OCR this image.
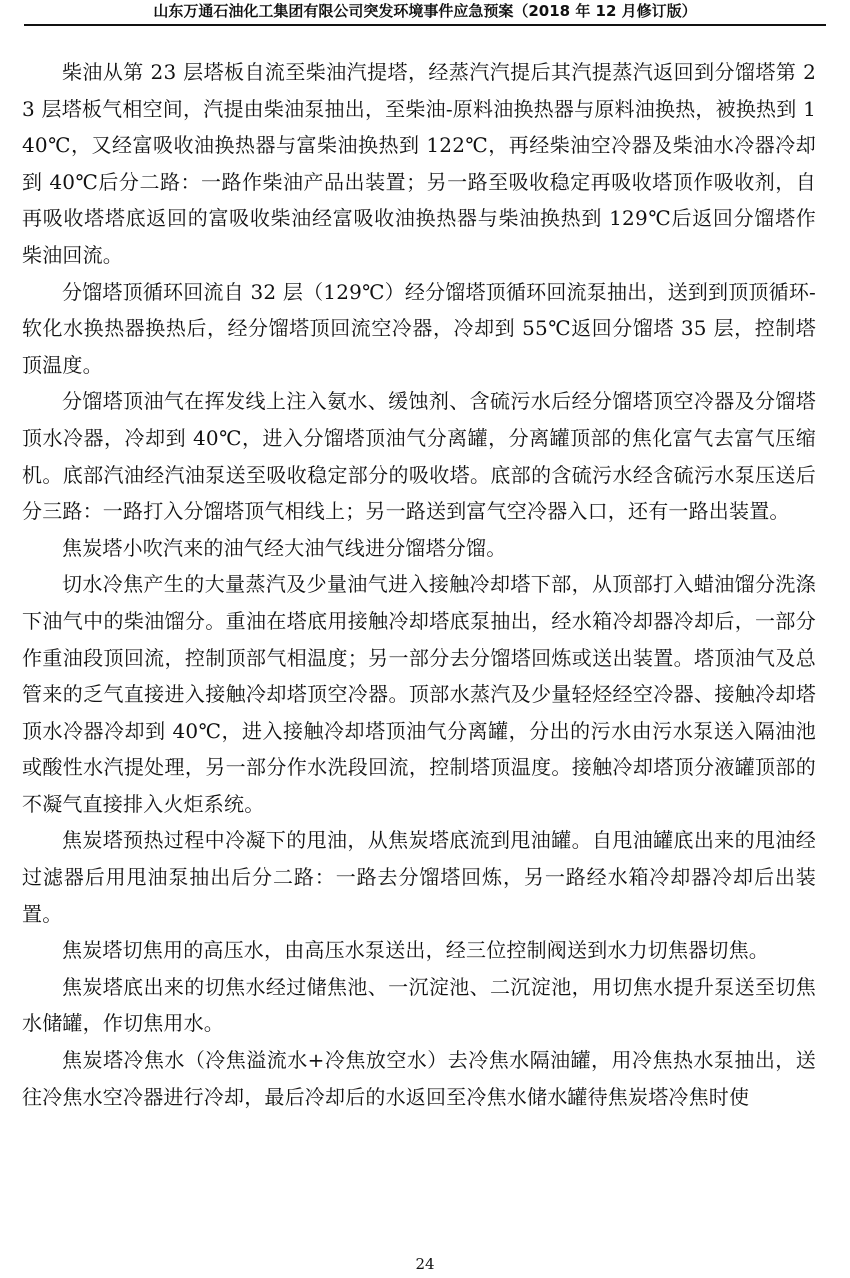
山东万通石油化工集团有限公司突发环境事件应急预案（2018 年 12 月修订版）

柴油从第 23 层塔板自流至柴油汽提塔，经蒸汽汽提后其汽提蒸汽返回到分馏塔第 23 层塔板气相空间，汽提由柴油泵抽出，至柴油-原料油换热器与原料油换热，被换热到 140℃，又经富吸收油换热器与富柴油换热到 122℃，再经柴油空冷器及柴油水冷器冷却到 40℃后分二路：一路作柴油产品出装置；另一路至吸收稳定再吸收塔顶作吸收剂，自再吸收塔塔底返回的富吸收柴油经富吸收油换热器与柴油换热到 129℃后返回分馏塔作柴油回流。

分馏塔顶循环回流自 32 层（129℃）经分馏塔顶循环回流泵抽出，送到到顶顶循环-软化水换热器换热后，经分馏塔顶回流空冷器，冷却到 55℃返回分馏塔 35 层，控制塔顶温度。

分馏塔顶油气在挥发线上注入氨水、缓蚀剂、含硫污水后经分馏塔顶空冷器及分馏塔顶水冷器，冷却到 40℃，进入分馏塔顶油气分离罐，分离罐顶部的焦化富气去富气压缩机。底部汽油经汽油泵送至吸收稳定部分的吸收塔。底部的含硫污水经含硫污水泵压送后分三路：一路打入分馏塔顶气相线上；另一路送到富气空冷器入口，还有一路出装置。

焦炭塔小吹汽来的油气经大油气线进分馏塔分馏。

切水冷焦产生的大量蒸汽及少量油气进入接触冷却塔下部，从顶部打入蜡油馏分洗涤下油气中的柴油馏分。重油在塔底用接触冷却塔底泵抽出，经水箱冷却器冷却后，一部分作重油段顶回流，控制顶部气相温度；另一部分去分馏塔回炼或送出装置。塔顶油气及总管来的乏气直接进入接触冷却塔顶空冷器。顶部水蒸汽及少量轻烃经空冷器、接触冷却塔顶水冷器冷却到 40℃，进入接触冷却塔顶油气分离罐，分出的污水由污水泵送入隔油池或酸性水汽提处理，另一部分作水洗段回流，控制塔顶温度。接触冷却塔顶分液罐顶部的不凝气直接排入火炬系统。

焦炭塔预热过程中冷凝下的甩油，从焦炭塔底流到甩油罐。自甩油罐底出来的甩油经过滤器后用甩油泵抽出后分二路：一路去分馏塔回炼，另一路经水箱冷却器冷却后出装置。

焦炭塔切焦用的高压水，由高压水泵送出，经三位控制阀送到水力切焦器切焦。

焦炭塔底出来的切焦水经过储焦池、一沉淀池、二沉淀池，用切焦水提升泵送至切焦水储罐，作切焦用水。

焦炭塔冷焦水（冷焦溢流水+冷焦放空水）去冷焦水隔油罐，用冷焦热水泵抽出，送往冷焦水空冷器进行冷却，最后冷却后的水返回至冷焦水储水罐待焦炭塔冷焦时使

24
